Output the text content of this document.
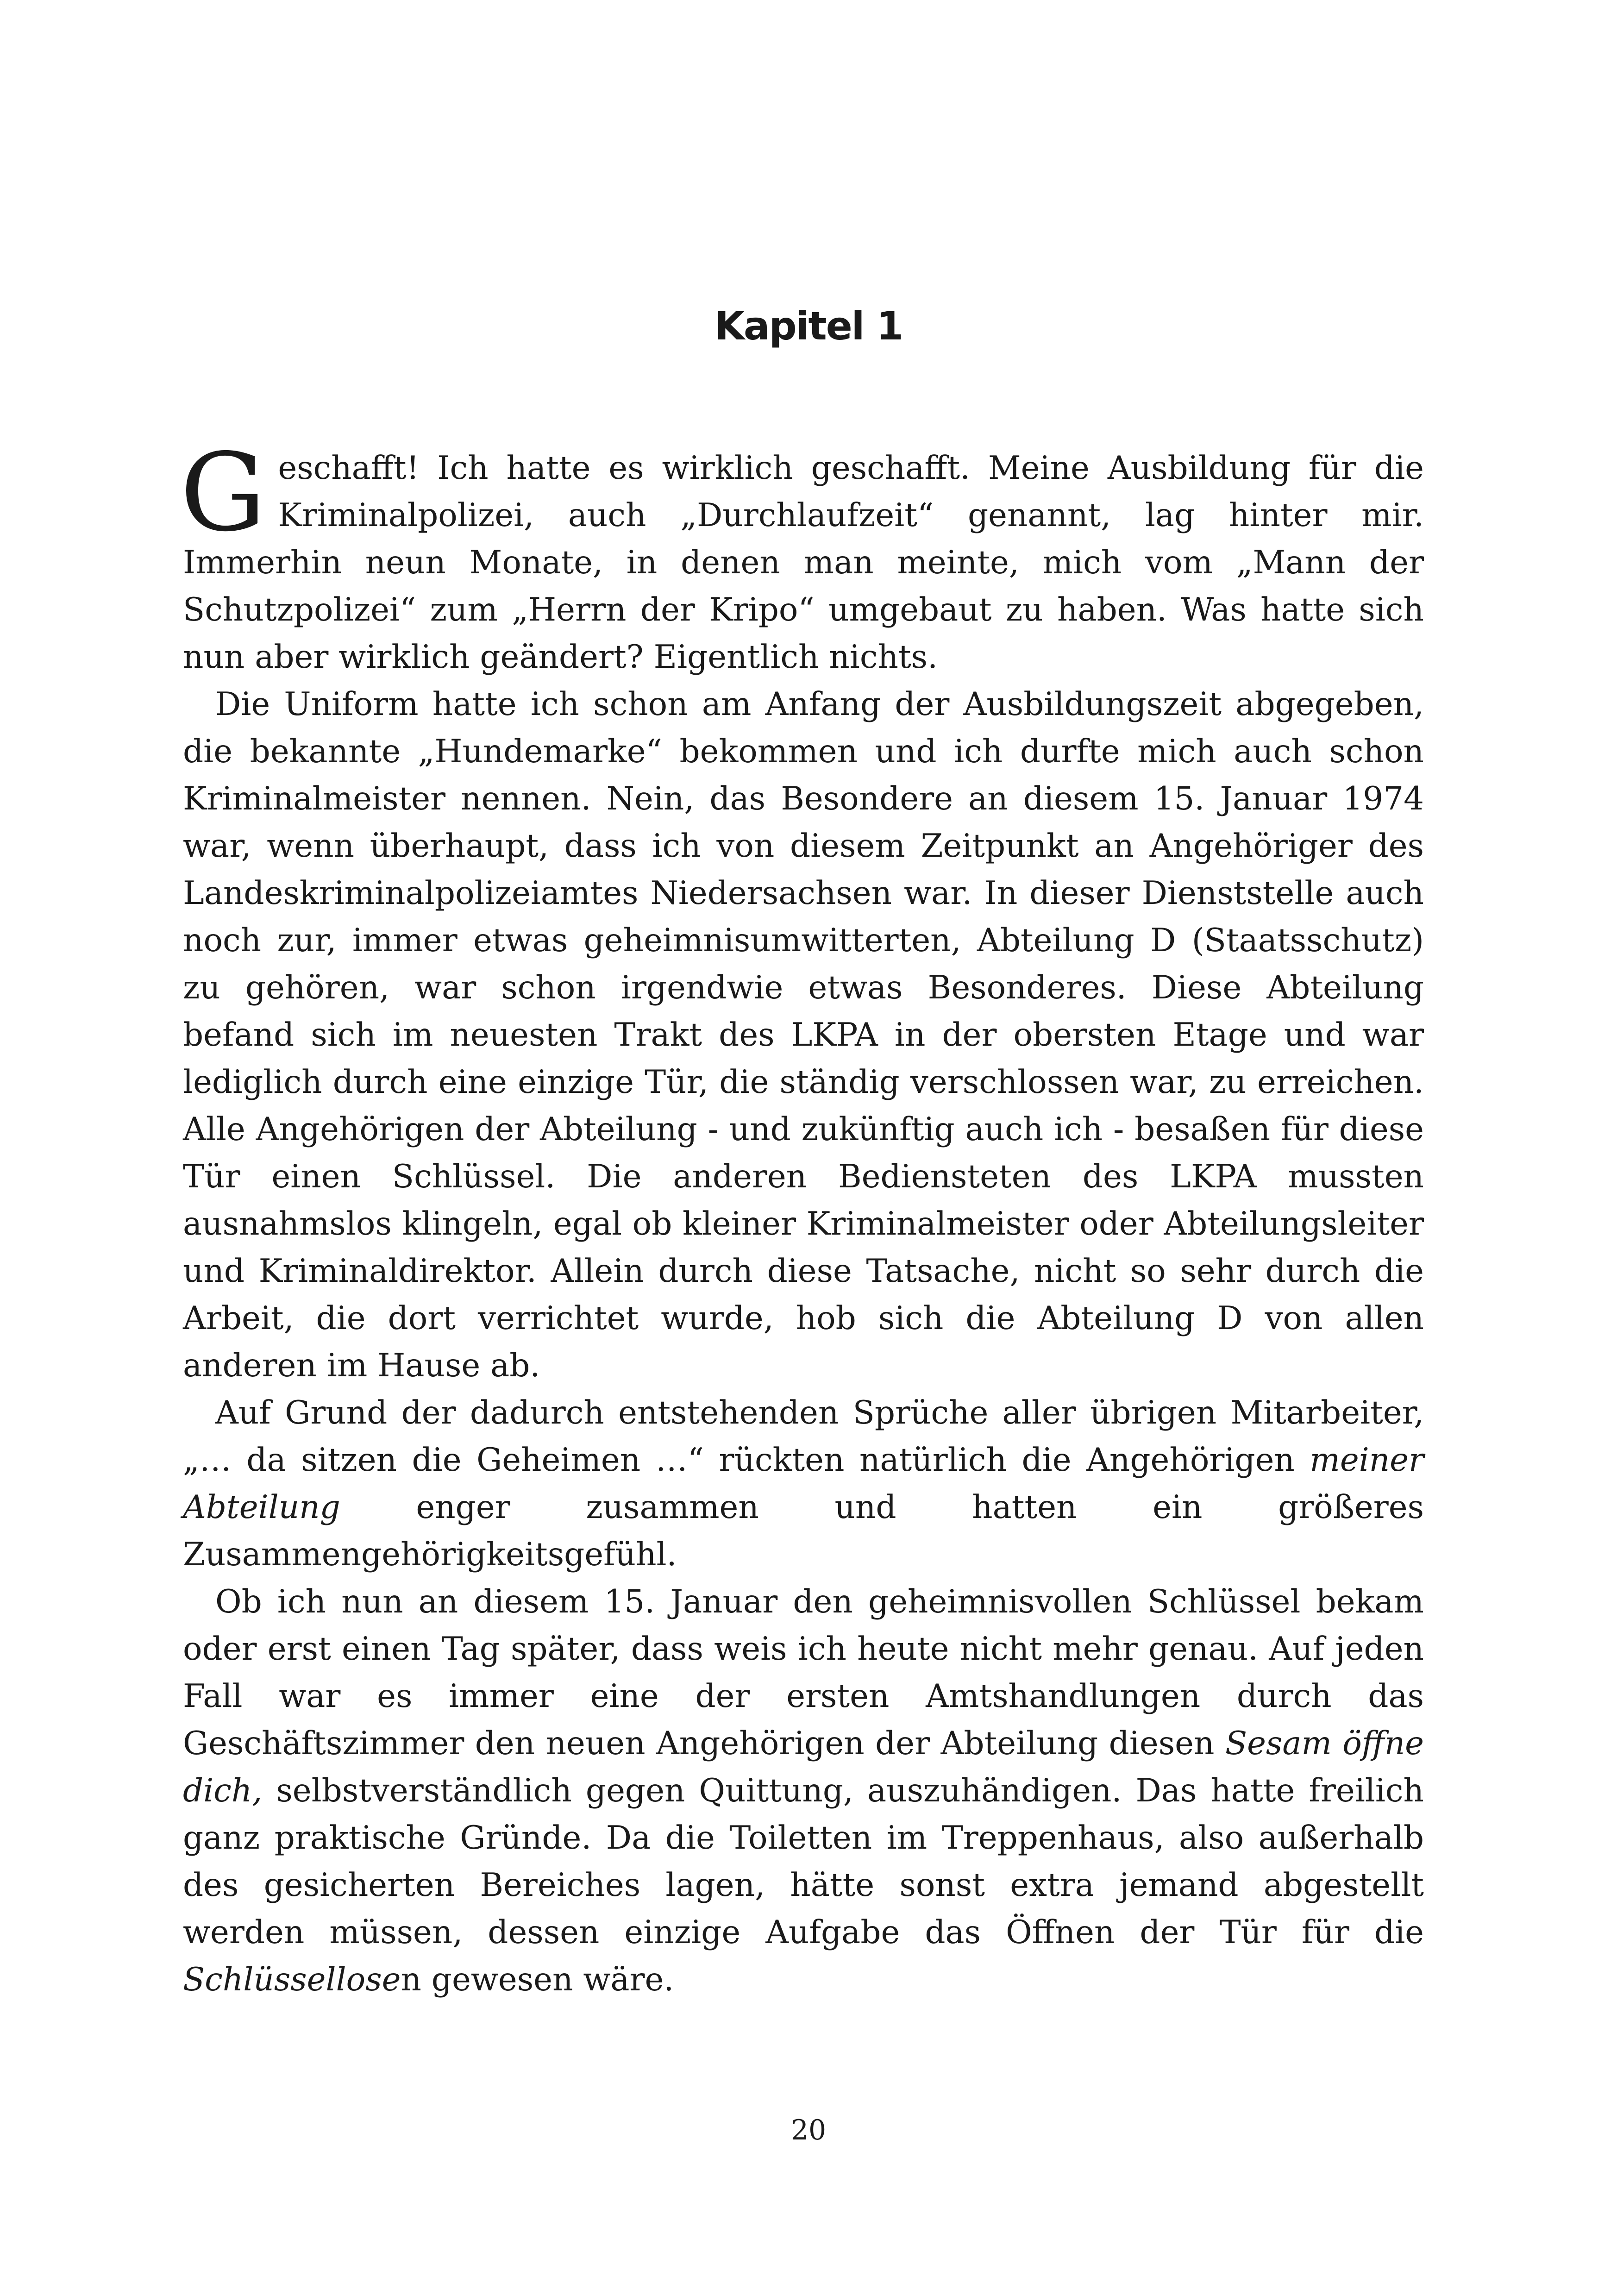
Kapitel 1

Geschafft! Ich hatte es wirklich geschafft. Meine Ausbildung für die Kriminalpolizei, auch „Durchlaufzeit“ genannt, lag hinter mir. Immerhin neun Monate, in denen man meinte, mich vom „Mann der Schutzpolizei“ zum „Herrn der Kripo“ umgebaut zu haben. Was hatte sich nun aber wirklich geändert? Eigentlich nichts.

Die Uniform hatte ich schon am Anfang der Ausbildungszeit abgegeben, die bekannte „Hundemarke“ bekommen und ich durfte mich auch schon Kriminalmeister nennen. Nein, das Besondere an diesem 15. Januar 1974 war, wenn überhaupt, dass ich von diesem Zeitpunkt an Angehöriger des Landeskriminalpolizeiamtes Niedersachsen war. In dieser Dienststelle auch noch zur, immer etwas geheimnisumwitterten, Abteilung D (Staatsschutz) zu gehören, war schon irgendwie etwas Besonderes. Diese Abteilung befand sich im neuesten Trakt des LKPA in der obersten Etage und war lediglich durch eine einzige Tür, die ständig verschlossen war, zu erreichen. Alle Angehörigen der Abteilung - und zukünftig auch ich - besaßen für diese Tür einen Schlüssel. Die anderen Bediensteten des LKPA mussten ausnahmslos klingeln, egal ob kleiner Kriminalmeister oder Abteilungsleiter und Kriminaldirektor. Allein durch diese Tatsache, nicht so sehr durch die Arbeit, die dort verrichtet wurde, hob sich die Abteilung D von allen anderen im Hause ab.

Auf Grund der dadurch entstehenden Sprüche aller übrigen Mitarbeiter, „… da sitzen die Geheimen …“ rückten natürlich die Angehörigen meiner Abteilung enger zusammen und hatten ein größeres Zusammengehörigkeitsgefühl.

Ob ich nun an diesem 15. Januar den geheimnisvollen Schlüssel bekam oder erst einen Tag später, dass weis ich heute nicht mehr genau. Auf jeden Fall war es immer eine der ersten Amtshandlungen durch das Geschäftszimmer den neuen Angehörigen der Abteilung diesen Sesam öffne dich, selbstverständlich gegen Quittung, auszuhändigen. Das hatte freilich ganz praktische Gründe. Da die Toiletten im Treppenhaus, also außerhalb des gesicherten Bereiches lagen, hätte sonst extra jemand abgestellt werden müssen, dessen einzige Aufgabe das Öffnen der Tür für die Schlüssellosen gewesen wäre.

20
